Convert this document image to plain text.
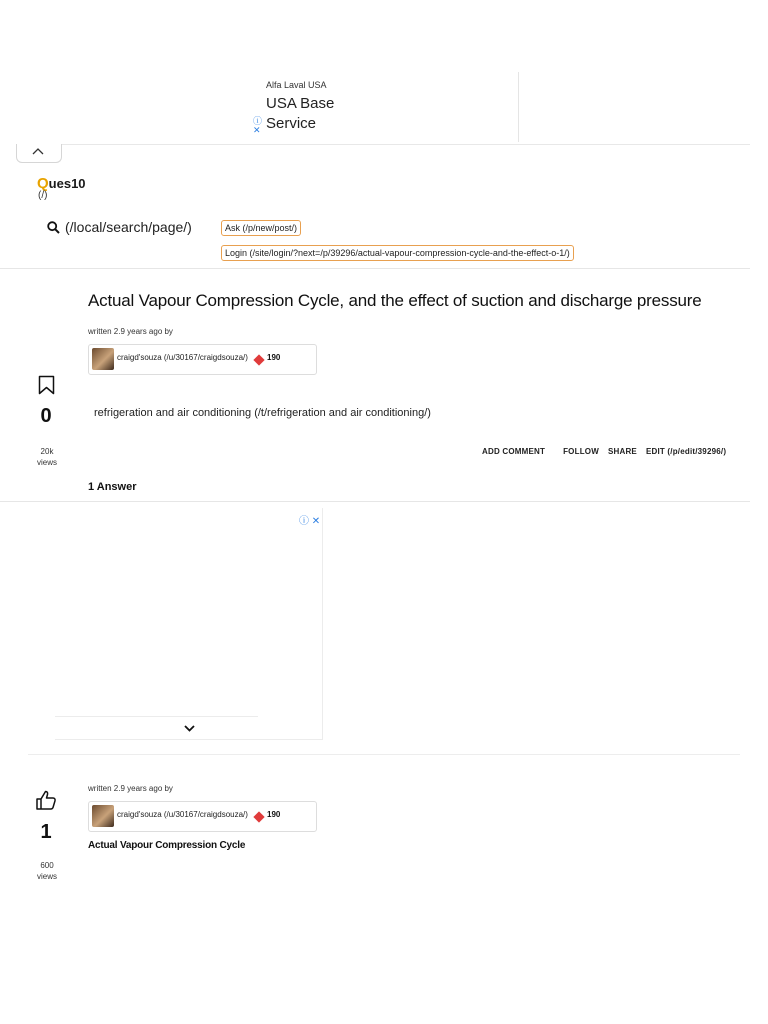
Alfa Laval USA
USA Base
Service
ⓘ
✕
Ques10
(/)
(/local/search/page/)	Ask (/p/new/post/)
Login (/site/login/?next=/p/39296/actual-vapour-compression-cycle-and-the-effect-o-1/)
Actual Vapour Compression Cycle, and the effect of suction and discharge pressure
written 2.9 years ago by
craigd'souza (/u/30167/craigdsouza/)	190
0
20k
views
refrigeration and air conditioning (/t/refrigeration and air conditioning/)
ADD COMMENT FOLLOW SHARE EDIT (/p/edit/39296/)
1 Answer
ⓘ ✕
1
600
views
written 2.9 years ago by
craigd'souza (/u/30167/craigdsouza/)	190
Actual Vapour Compression Cycle
